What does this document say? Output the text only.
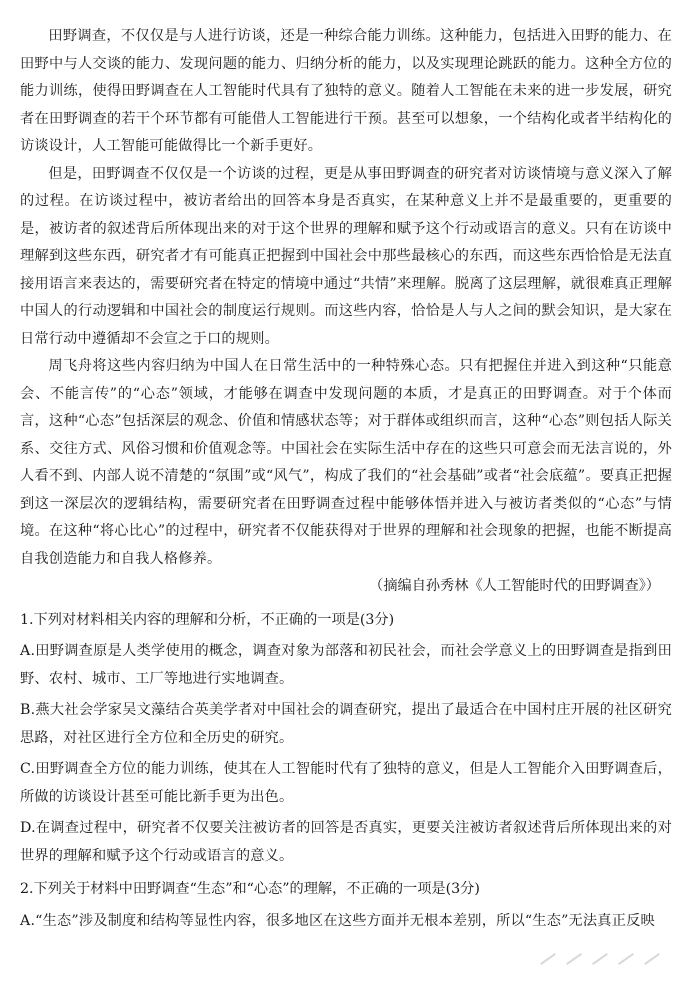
田野调查，不仅仅是与人进行访谈，还是一种综合能力训练。这种能力，包括进入田野的能力、在田野中与人交谈的能力、发现问题的能力、归纳分析的能力，以及实现理论跳跃的能力。这种全方位的能力训练，使得田野调查在人工智能时代具有了独特的意义。随着人工智能在未来的进一步发展，研究者在田野调查的若干个环节都有可能借人工智能进行干预。甚至可以想象，一个结构化或者半结构化的访谈设计，人工智能可能做得比一个新手更好。

但是，田野调查不仅仅是一个访谈的过程，更是从事田野调查的研究者对访谈情境与意义深入了解的过程。在访谈过程中，被访者给出的回答本身是否真实，在某种意义上并不是最重要的，更重要的是，被访者的叙述背后所体现出来的对于这个世界的理解和赋予这个行动或语言的意义。只有在访谈中理解到这些东西，研究者才有可能真正把握到中国社会中那些最核心的东西，而这些东西恰恰是无法直接用语言来表达的，需要研究者在特定的情境中通过“共情”来理解。脱离了这层理解，就很难真正理解中国人的行动逻辑和中国社会的制度运行规则。而这些内容，恰恰是人与人之间的默会知识，是大家在日常行动中遵循却不会宣之于口的规则。

周飞舟将这些内容归纳为中国人在日常生活中的一种特殊心态。只有把握住并进入到这种“只能意会、不能言传”的“心态”领域，才能够在调查中发现问题的本质，才是真正的田野调查。对于个体而言，这种“心态”包括深层的观念、价值和情感状态等；对于群体或组织而言，这种“心态”则包括人际关系、交往方式、风俗习惯和价值观念等。中国社会在实际生活中存在的这些只可意会而无法言说的，外人看不到、内部人说不清楚的“氛围”或“风气”，构成了我们的“社会基础”或者“社会底蕴”。要真正把握到这一深层次的逻辑结构，需要研究者在田野调查过程中能够体悟并进入与被访者类似的“心态”与情境。在这种“将心比心”的过程中，研究者不仅能获得对于世界的理解和社会现象的把握，也能不断提高自我创造能力和自我人格修养。

（摘编自孙秀林《人工智能时代的田野调查》）

1.下列对材料相关内容的理解和分析，不正确的一项是(3分)

A.田野调查原是人类学使用的概念，调查对象为部落和初民社会，而社会学意义上的田野调查是指到田野、农村、城市、工厂等地进行实地调查。

B.燕大社会学家吴文藻结合英美学者对中国社会的调查研究，提出了最适合在中国村庄开展的社区研究思路，对社区进行全方位和全历史的研究。

C.田野调查全方位的能力训练，使其在人工智能时代有了独特的意义，但是人工智能介入田野调查后，所做的访谈设计甚至可能比新手更为出色。

D.在调查过程中，研究者不仅要关注被访者的回答是否真实，更要关注被访者叙述背后所体现出来的对世界的理解和赋予这个行动或语言的意义。

2.下列关于材料中田野调查“生态”和“心态”的理解，不正确的一项是(3分)

A.“生态”涉及制度和结构等显性内容，很多地区在这些方面并无根本差别，所以“生态”无法真正反映
